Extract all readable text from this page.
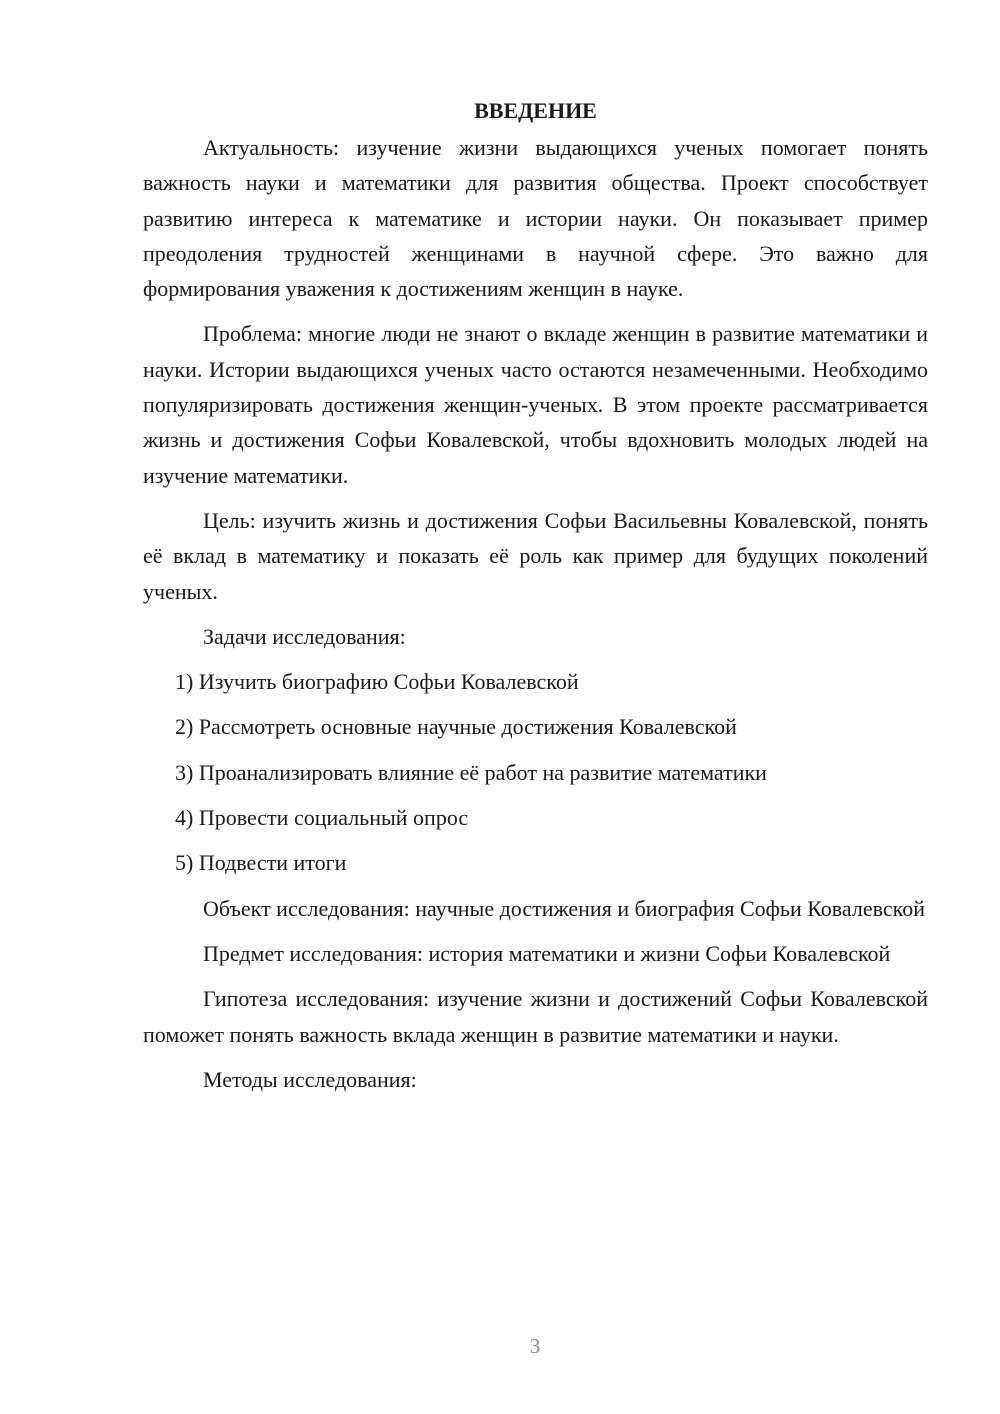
ВВЕДЕНИЕ

Актуальность: изучение жизни выдающихся ученых помогает понять важность науки и математики для развития общества. Проект способствует развитию интереса к математике и истории науки. Он показывает пример преодоления трудностей женщинами в научной сфере. Это важно для формирования уважения к достижениям женщин в науке.

Проблема: многие люди не знают о вкладе женщин в развитие математики и науки. Истории выдающихся ученых часто остаются незамеченными. Необходимо популяризировать достижения женщин-ученых. В этом проекте рассматривается жизнь и достижения Софьи Ковалевской, чтобы вдохновить молодых людей на изучение математики.

Цель: изучить жизнь и достижения Софьи Васильевны Ковалевской, понять её вклад в математику и показать её роль как пример для будущих поколений ученых.

Задачи исследования:

1) Изучить биографию Софьи Ковалевской
2) Рассмотреть основные научные достижения Ковалевской
3) Проанализировать влияние её работ на развитие математики
4) Провести социальный опрос
5) Подвести итоги

Объект исследования: научные достижения и биография Софьи Ковалевской

Предмет исследования: история математики и жизни Софьи Ковалевской

Гипотеза исследования: изучение жизни и достижений Софьи Ковалевской поможет понять важность вклада женщин в развитие математики и науки.

Методы исследования:

3
